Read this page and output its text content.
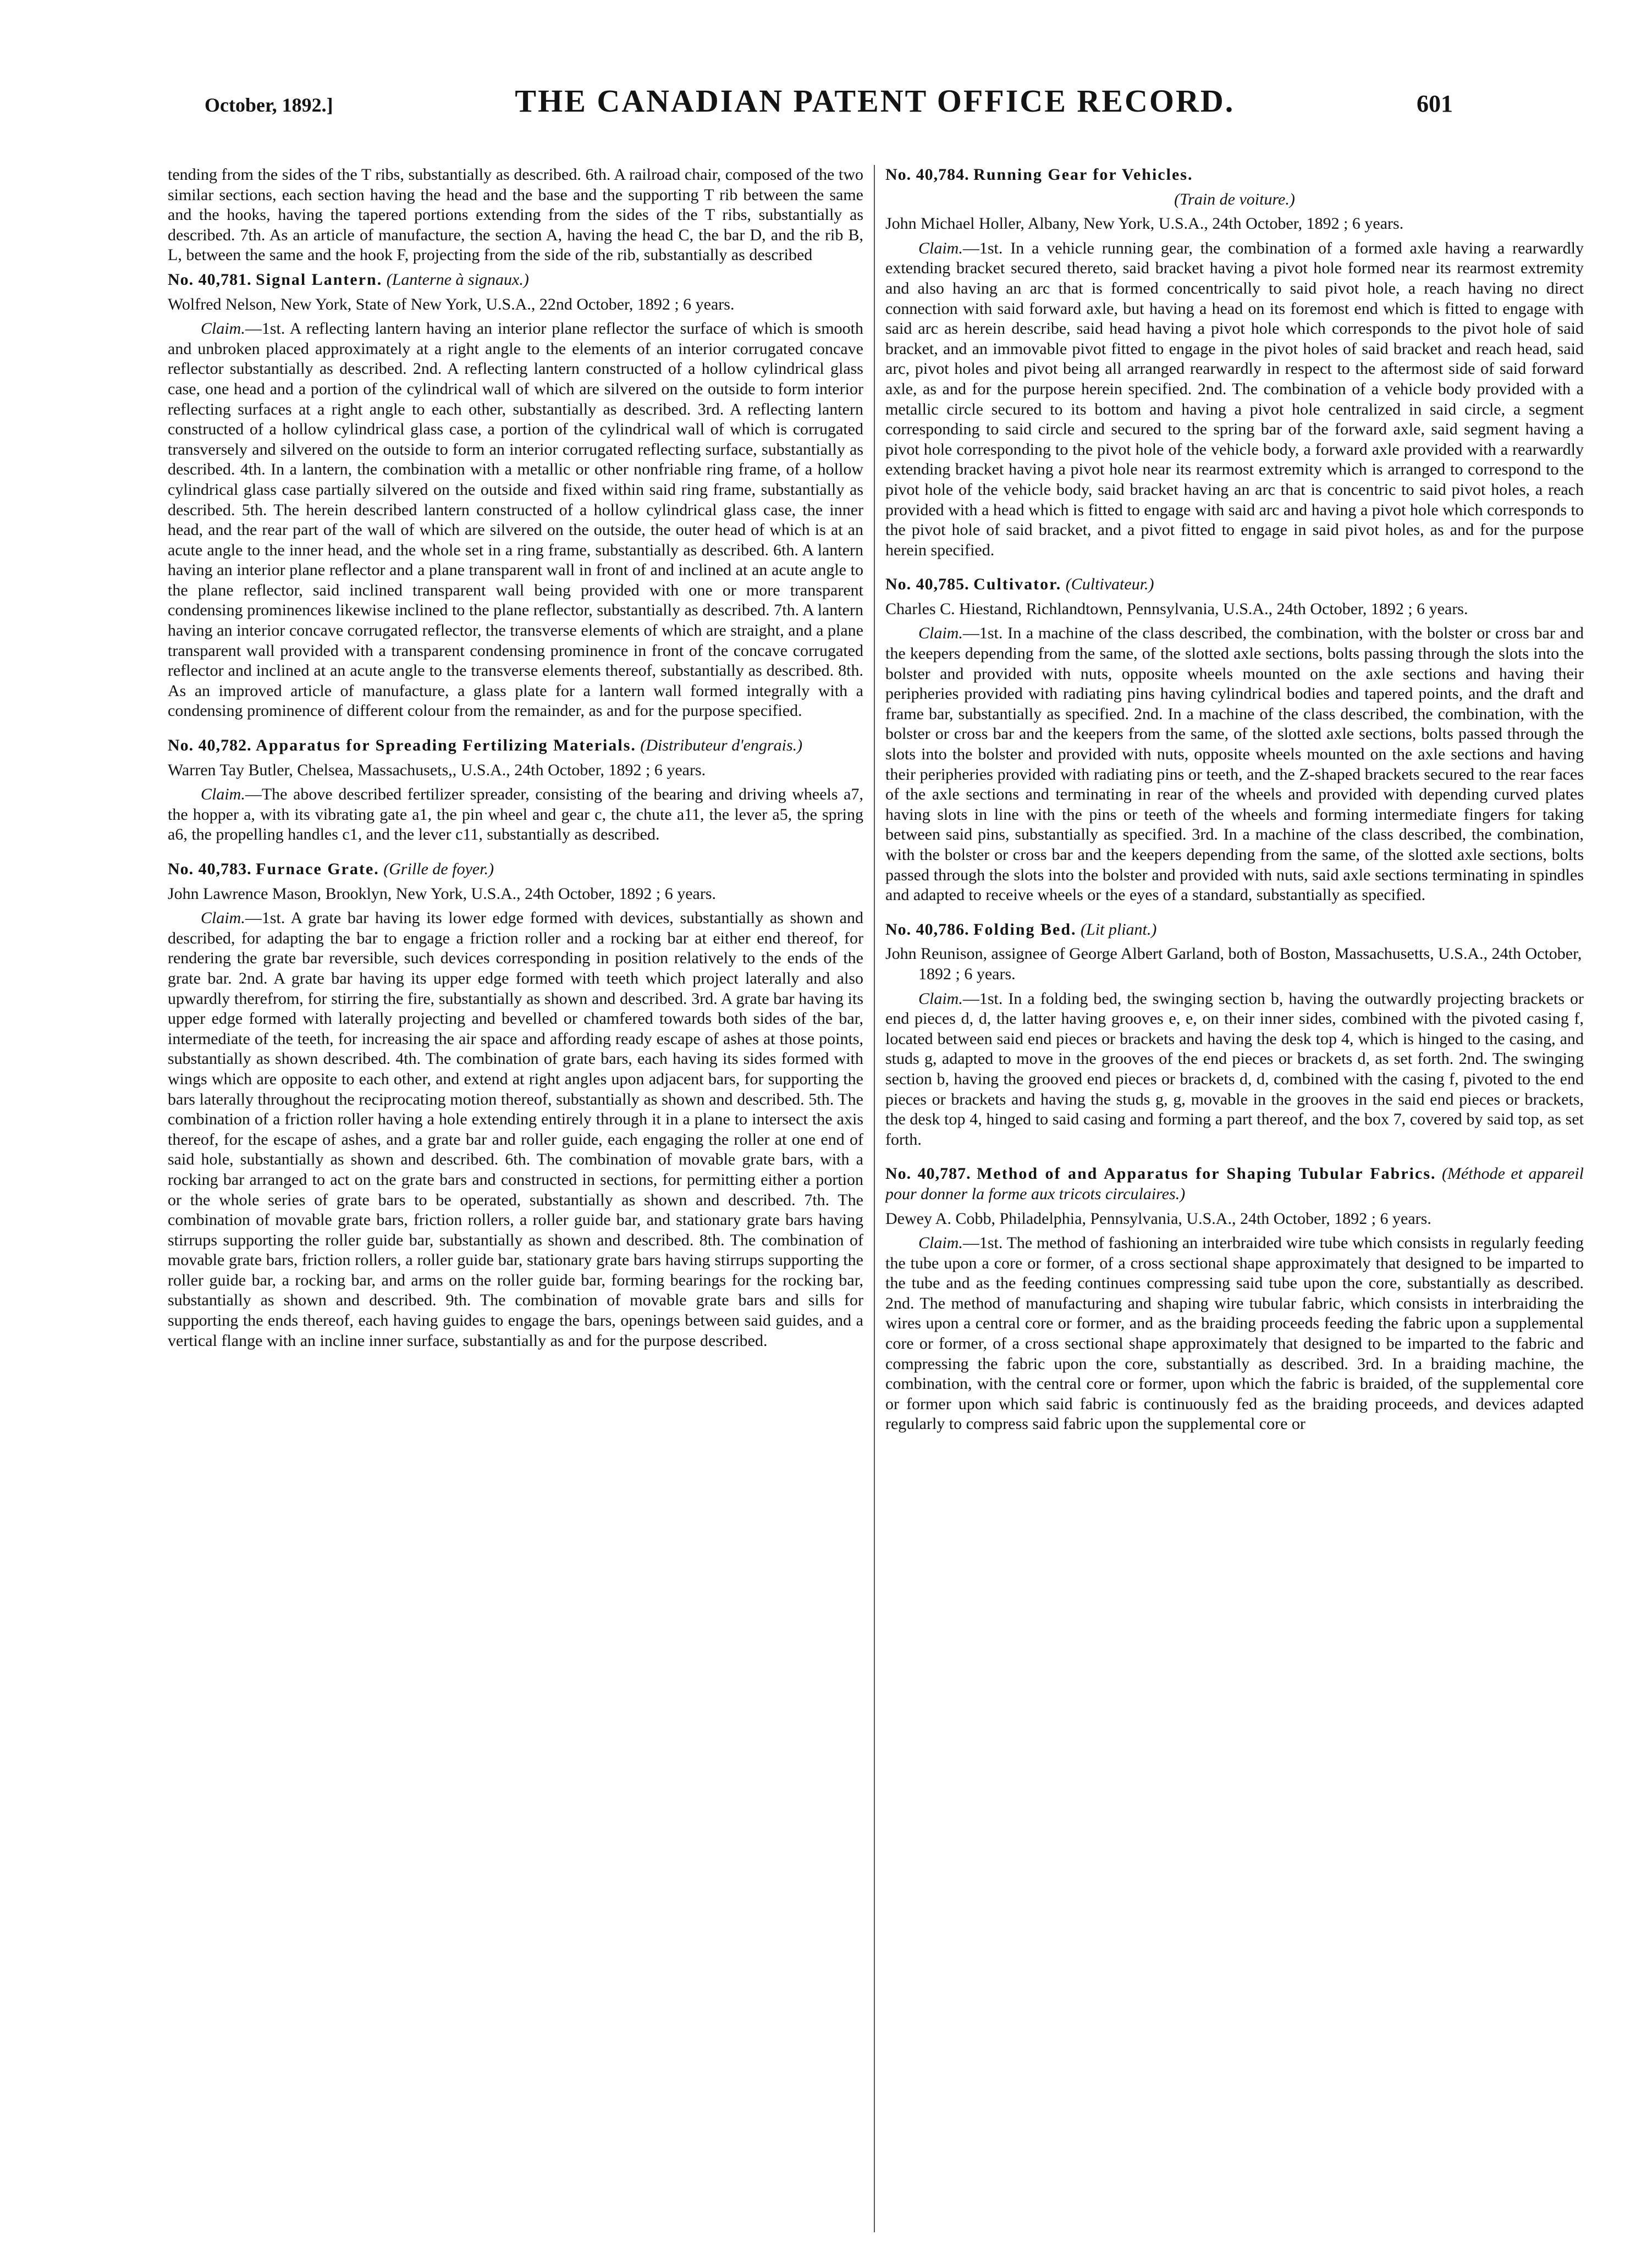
October, 1892.]	THE CANADIAN PATENT OFFICE RECORD.	601

tending from the sides of the T ribs, substantially as described. 6th. A railroad chair, composed of the two similar sections, each section having the head and the base and the supporting T rib between the same and the hooks, having the tapered portions extending from the sides of the T ribs, substantially as described. 7th. As an article of manufacture, the section A, having the head C, the bar D, and the rib B, L, between the same and the hook F, projecting from the side of the rib, substantially as described

No. 40,781. Signal Lantern. (Lanterne à signaux.)

Wolfred Nelson, New York, State of New York, U.S.A., 22nd October, 1892 ; 6 years.

Claim.—1st. A reflecting lantern having an interior plane reflector the surface of which is smooth and unbroken placed approximately at a right angle to the elements of an interior corrugated concave reflector substantially as described. 2nd. A reflecting lantern constructed of a hollow cylindrical glass case, one head and a portion of the cylindrical wall of which are silvered on the outside to form interior reflecting surfaces at a right angle to each other, substantially as described. 3rd. A reflecting lantern constructed of a hollow cylindrical glass case, a portion of the cylindrical wall of which is corrugated transversely and silvered on the outside to form an interior corrugated reflecting surface, substantially as described. 4th. In a lantern, the combination with a metallic or other nonfriable ring frame, of a hollow cylindrical glass case partially silvered on the outside and fixed within said ring frame, substantially as described. 5th. The herein described lantern constructed of a hollow cylindrical glass case, the inner head, and the rear part of the wall of which are silvered on the outside, the outer head of which is at an acute angle to the inner head, and the whole set in a ring frame, substantially as described. 6th. A lantern having an interior plane reflector and a plane transparent wall in front of and inclined at an acute angle to the plane reflector, said inclined transparent wall being provided with one or more transparent condensing prominences likewise inclined to the plane reflector, substantially as described. 7th. A lantern having an interior concave corrugated reflector, the transverse elements of which are straight, and a plane transparent wall provided with a transparent condensing prominence in front of the concave corrugated reflector and inclined at an acute angle to the transverse elements thereof, substantially as described. 8th. As an improved article of manufacture, a glass plate for a lantern wall formed integrally with a condensing prominence of different colour from the remainder, as and for the purpose specified.

No. 40,782. Apparatus for Spreading Fertilizing Materials. (Distributeur d'engrais.)

Warren Tay Butler, Chelsea, Massachusets,, U.S.A., 24th October, 1892 ; 6 years.

Claim.—The above described fertilizer spreader, consisting of the bearing and driving wheels a7, the hopper a, with its vibrating gate a1, the pin wheel and gear c, the chute a11, the lever a5, the spring a6, the propelling handles c1, and the lever c11, substantially as described.

No. 40,783. Furnace Grate. (Grille de foyer.)

John Lawrence Mason, Brooklyn, New York, U.S.A., 24th October, 1892 ; 6 years.

Claim.—1st. A grate bar having its lower edge formed with devices, substantially as shown and described, for adapting the bar to engage a friction roller and a rocking bar at either end thereof, for rendering the grate bar reversible, such devices corresponding in position relatively to the ends of the grate bar. 2nd. A grate bar having its upper edge formed with teeth which project laterally and also upwardly therefrom, for stirring the fire, substantially as shown and described. 3rd. A grate bar having its upper edge formed with laterally projecting and bevelled or chamfered towards both sides of the bar, intermediate of the teeth, for increasing the air space and affording ready escape of ashes at those points, substantially as shown described. 4th. The combination of grate bars, each having its sides formed with wings which are opposite to each other, and extend at right angles upon adjacent bars, for supporting the bars laterally throughout the reciprocating motion thereof, substantially as shown and described. 5th. The combination of a friction roller having a hole extending entirely through it in a plane to intersect the axis thereof, for the escape of ashes, and a grate bar and roller guide, each engaging the roller at one end of said hole, substantially as shown and described. 6th. The combination of movable grate bars, with a rocking bar arranged to act on the grate bars and constructed in sections, for permitting either a portion or the whole series of grate bars to be operated, substantially as shown and described. 7th. The combination of movable grate bars, friction rollers, a roller guide bar, and stationary grate bars having stirrups supporting the roller guide bar, substantially as shown and described. 8th. The combination of movable grate bars, friction rollers, a roller guide bar, stationary grate bars having stirrups supporting the roller guide bar, a rocking bar, and arms on the roller guide bar, forming bearings for the rocking bar, substantially as shown and described. 9th. The combination of movable grate bars and sills for supporting the ends thereof, each having guides to engage the bars, openings between said guides, and a vertical flange with an incline inner surface, substantially as and for the purpose described.

No. 40,784. Running Gear for Vehicles.

(Train de voiture.)

John Michael Holler, Albany, New York, U.S.A., 24th October, 1892 ; 6 years.

Claim.—1st. In a vehicle running gear, the combination of a formed axle having a rearwardly extending bracket secured thereto, said bracket having a pivot hole formed near its rearmost extremity and also having an arc that is formed concentrically to said pivot hole, a reach having no direct connection with said forward axle, but having a head on its foremost end which is fitted to engage with said arc as herein describe, said head having a pivot hole which corresponds to the pivot hole of said bracket, and an immovable pivot fitted to engage in the pivot holes of said bracket and reach head, said arc, pivot holes and pivot being all arranged rearwardly in respect to the aftermost side of said forward axle, as and for the purpose herein specified. 2nd. The combination of a vehicle body provided with a metallic circle secured to its bottom and having a pivot hole centralized in said circle, a segment corresponding to said circle and secured to the spring bar of the forward axle, said segment having a pivot hole corresponding to the pivot hole of the vehicle body, a forward axle provided with a rearwardly extending bracket having a pivot hole near its rearmost extremity which is arranged to correspond to the pivot hole of the vehicle body, said bracket having an arc that is concentric to said pivot holes, a reach provided with a head which is fitted to engage with said arc and having a pivot hole which corresponds to the pivot hole of said bracket, and a pivot fitted to engage in said pivot holes, as and for the purpose herein specified.

No. 40,785. Cultivator. (Cultivateur.)

Charles C. Hiestand, Richlandtown, Pennsylvania, U.S.A., 24th October, 1892 ; 6 years.

Claim.—1st. In a machine of the class described, the combination, with the bolster or cross bar and the keepers depending from the same, of the slotted axle sections, bolts passing through the slots into the bolster and provided with nuts, opposite wheels mounted on the axle sections and having their peripheries provided with radiating pins having cylindrical bodies and tapered points, and the draft and frame bar, substantially as specified. 2nd. In a machine of the class described, the combination, with the bolster or cross bar and the keepers from the same, of the slotted axle sections, bolts passed through the slots into the bolster and provided with nuts, opposite wheels mounted on the axle sections and having their peripheries provided with radiating pins or teeth, and the Z-shaped brackets secured to the rear faces of the axle sections and terminating in rear of the wheels and provided with depending curved plates having slots in line with the pins or teeth of the wheels and forming intermediate fingers for taking between said pins, substantially as specified. 3rd. In a machine of the class described, the combination, with the bolster or cross bar and the keepers depending from the same, of the slotted axle sections, bolts passed through the slots into the bolster and provided with nuts, said axle sections terminating in spindles and adapted to receive wheels or the eyes of a standard, substantially as specified.

No. 40,786. Folding Bed. (Lit pliant.)

John Reunison, assignee of George Albert Garland, both of Boston, Massachusetts, U.S.A., 24th October, 1892 ; 6 years.

Claim.—1st. In a folding bed, the swinging section b, having the outwardly projecting brackets or end pieces d, d, the latter having grooves e, e, on their inner sides, combined with the pivoted casing f, located between said end pieces or brackets and having the desk top 4, which is hinged to the casing, and studs g, adapted to move in the grooves of the end pieces or brackets d, as set forth. 2nd. The swinging section b, having the grooved end pieces or brackets d, d, combined with the casing f, pivoted to the end pieces or brackets and having the studs g, g, movable in the grooves in the said end pieces or brackets, the desk top 4, hinged to said casing and forming a part thereof, and the box 7, covered by said top, as set forth.

No. 40,787. Method of and Apparatus for Shaping Tubular Fabrics. (Méthode et appareil pour donner la forme aux tricots circulaires.)

Dewey A. Cobb, Philadelphia, Pennsylvania, U.S.A., 24th October, 1892 ; 6 years.

Claim.—1st. The method of fashioning an interbraided wire tube which consists in regularly feeding the tube upon a core or former, of a cross sectional shape approximately that designed to be imparted to the tube and as the feeding continues compressing said tube upon the core, substantially as described. 2nd. The method of manufacturing and shaping wire tubular fabric, which consists in interbraiding the wires upon a central core or former, and as the braiding proceeds feeding the fabric upon a supplemental core or former, of a cross sectional shape approximately that designed to be imparted to the fabric and compressing the fabric upon the core, substantially as described. 3rd. In a braiding machine, the combination, with the central core or former, upon which the fabric is braided, of the supplemental core or former upon which said fabric is continuously fed as the braiding proceeds, and devices adapted regularly to compress said fabric upon the supplemental core or
